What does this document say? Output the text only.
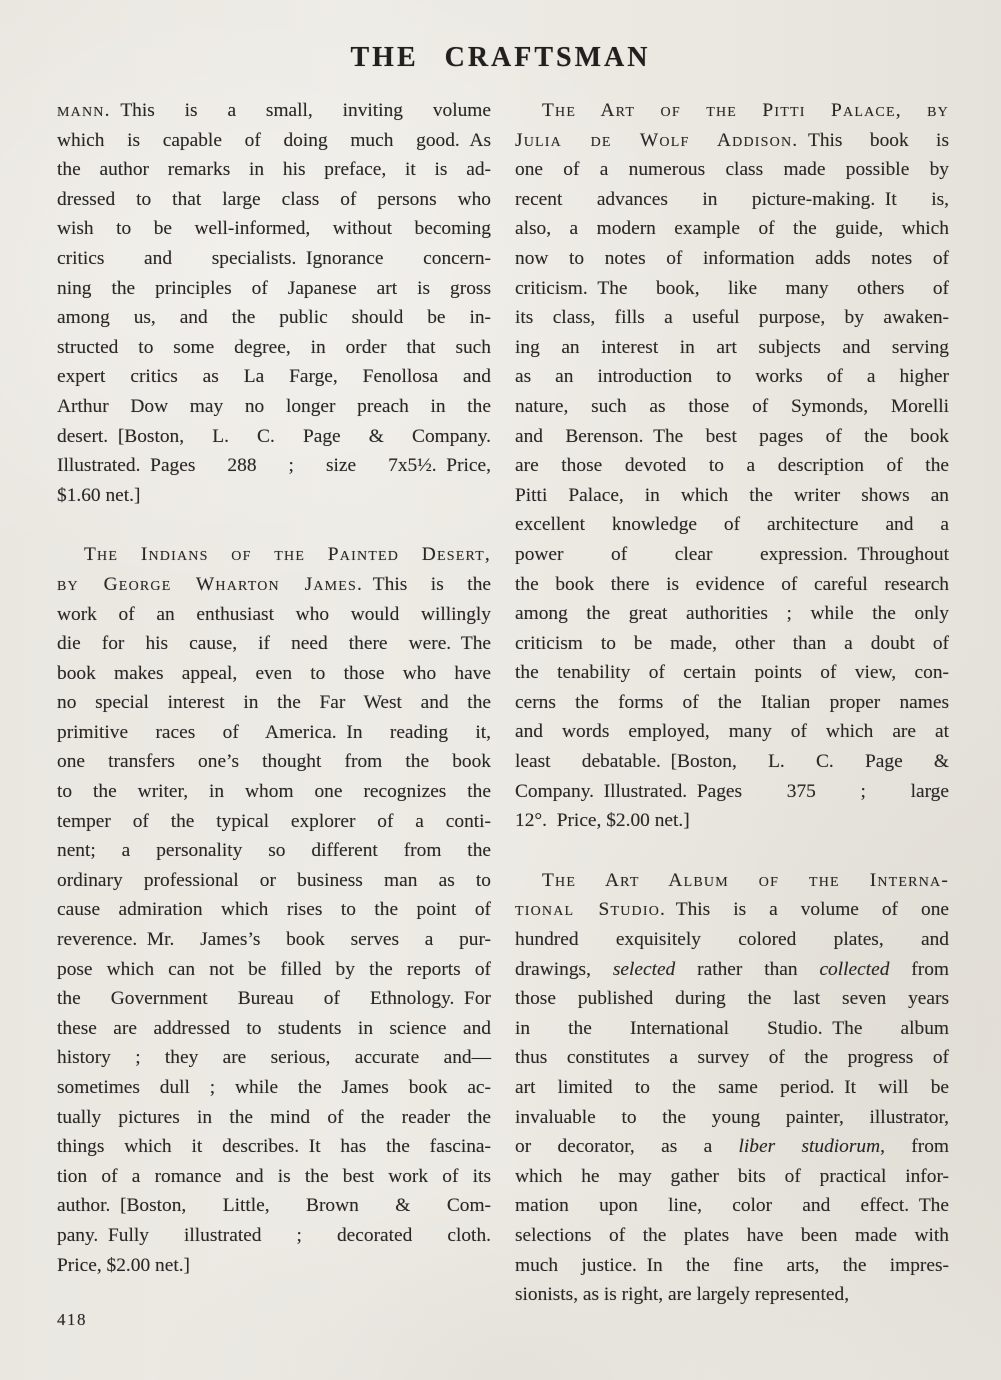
THE CRAFTSMAN
mann. This is a small, inviting volume
which is capable of doing much good. As
the author remarks in his preface, it is ad-
dressed to that large class of persons who
wish to be well-informed, without becoming
critics and specialists. Ignorance concern-
ning the principles of Japanese art is gross
among us, and the public should be in-
structed to some degree, in order that such
expert critics as La Farge, Fenollosa and
Arthur Dow may no longer preach in the
desert. [Boston, L. C. Page & Company.
Illustrated. Pages 288 ; size 7x5½. Price,
$1.60 net.]
The Indians of the Painted Desert,
by George Wharton James. This is the
work of an enthusiast who would willingly
die for his cause, if need there were. The
book makes appeal, even to those who have
no special interest in the Far West and the
primitive races of America. In reading it,
one transfers one’s thought from the book
to the writer, in whom one recognizes the
temper of the typical explorer of a conti-
nent; a personality so different from the
ordinary professional or business man as to
cause admiration which rises to the point of
reverence. Mr. James’s book serves a pur-
pose which can not be filled by the reports of
the Government Bureau of Ethnology. For
these are addressed to students in science and
history ; they are serious, accurate and—
sometimes dull ; while the James book ac-
tually pictures in the mind of the reader the
things which it describes. It has the fascina-
tion of a romance and is the best work of its
author. [Boston, Little, Brown & Com-
pany. Fully illustrated ; decorated cloth.
Price, $2.00 net.]
The Art of the Pitti Palace, by
Julia de Wolf Addison. This book is
one of a numerous class made possible by
recent advances in picture-making. It is,
also, a modern example of the guide, which
now to notes of information adds notes of
criticism. The book, like many others of
its class, fills a useful purpose, by awaken-
ing an interest in art subjects and serving
as an introduction to works of a higher
nature, such as those of Symonds, Morelli
and Berenson. The best pages of the book
are those devoted to a description of the
Pitti Palace, in which the writer shows an
excellent knowledge of architecture and a
power of clear expression. Throughout
the book there is evidence of careful research
among the great authorities ; while the only
criticism to be made, other than a doubt of
the tenability of certain points of view, con-
cerns the forms of the Italian proper names
and words employed, many of which are at
least debatable. [Boston, L. C. Page &
Company. Illustrated. Pages 375 ; large
12°. Price, $2.00 net.]
The Art Album of the Interna-
tional Studio. This is a volume of one
hundred exquisitely colored plates, and
drawings, selected rather than collected from
those published during the last seven years
in the International Studio. The album
thus constitutes a survey of the progress of
art limited to the same period. It will be
invaluable to the young painter, illustrator,
or decorator, as a liber studiorum, from
which he may gather bits of practical infor-
mation upon line, color and effect. The
selections of the plates have been made with
much justice. In the fine arts, the impres-
sionists, as is right, are largely represented,
418
